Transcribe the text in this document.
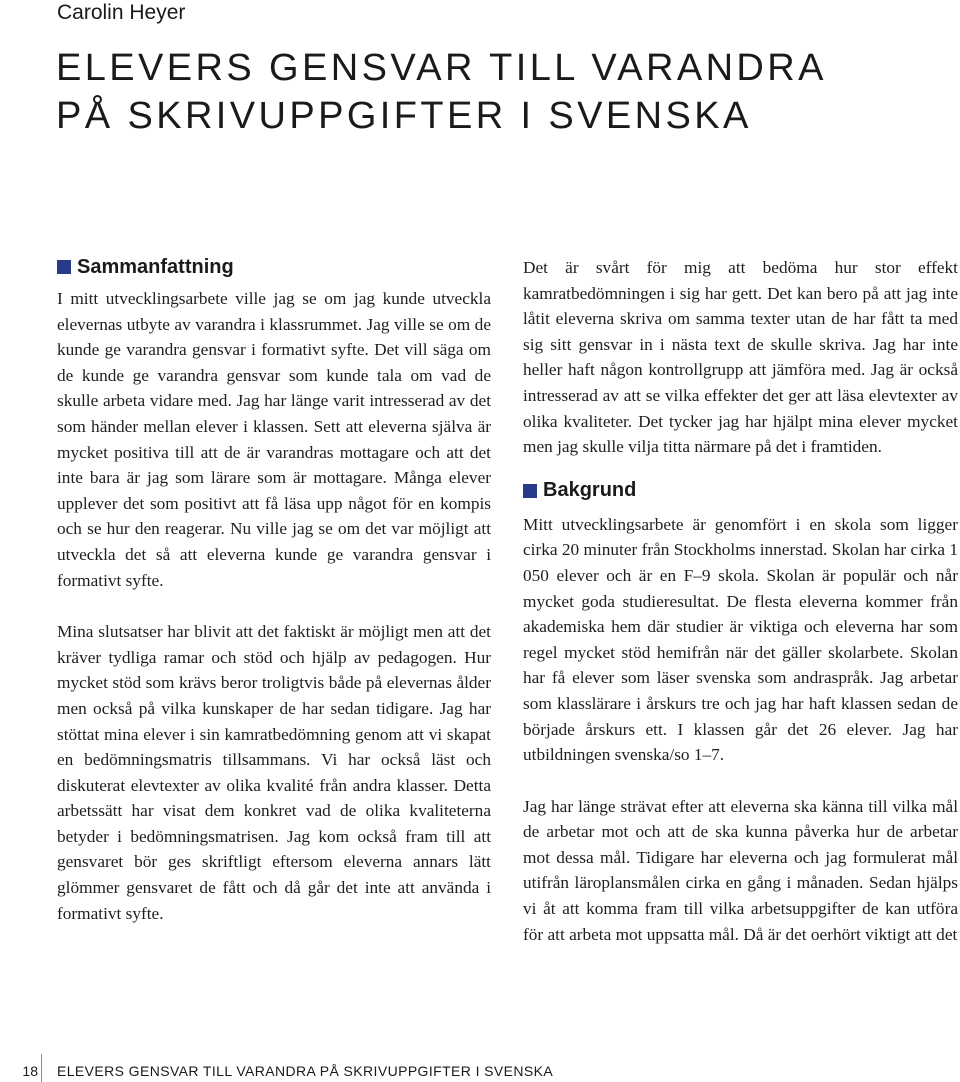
Carolin Heyer
ELEVERS GENSVAR TILL VARANDRA
PÅ SKRIVUPPGIFTER I SVENSKA
Sammanfattning

I mitt utvecklingsarbete ville jag se om jag kunde utveckla elevernas utbyte av varandra i klassrummet. Jag ville se om de kunde ge varandra gensvar i formativt syfte. Det vill säga om de kunde ge varandra gensvar som kunde tala om vad de skulle arbeta vidare med. Jag har länge varit intresserad av det som händer mellan elever i klassen. Sett att eleverna själva är mycket positiva till att de är varandras mottagare och att det inte bara är jag som lärare som är mottagare. Många elever upplever det som positivt att få läsa upp något för en kompis och se hur den reagerar. Nu ville jag se om det var möjligt att utveckla det så att eleverna kunde ge varandra gensvar i formativt syfte.

Mina slutsatser har blivit att det faktiskt är möjligt men att det kräver tydliga ramar och stöd och hjälp av pedagogen. Hur mycket stöd som krävs beror troligtvis både på elevernas ålder men också på vilka kunskaper de har sedan tidigare. Jag har stöttat mina elever i sin kamratbedömning genom att vi skapat en bedömningsmatris tillsammans. Vi har också läst och diskuterat elevtexter av olika kvalité från andra klasser. Detta arbetssätt har visat dem konkret vad de olika kvaliteterna betyder i bedömningsmatrisen. Jag kom också fram till att gensvaret bör ges skriftligt eftersom eleverna annars lätt glömmer gensvaret de fått och då går det inte att använda i formativt syfte.

Det är svårt för mig att bedöma hur stor effekt kamratbedömningen i sig har gett. Det kan bero på att jag inte låtit eleverna skriva om samma texter utan de har fått ta med sig sitt gensvar in i nästa text de skulle skriva. Jag har inte heller haft någon kontrollgrupp att jämföra med. Jag är också intresserad av att se vilka effekter det ger att läsa elevtexter av olika kvaliteter. Det tycker jag har hjälpt mina elever mycket men jag skulle vilja titta närmare på det i framtiden.

Bakgrund

Mitt utvecklingsarbete är genomfört i en skola som ligger cirka 20 minuter från Stockholms innerstad. Skolan har cirka 1 050 elever och är en F–9 skola. Skolan är populär och når mycket goda studieresultat. De flesta eleverna kommer från akademiska hem där studier är viktiga och eleverna har som regel mycket stöd hemifrån när det gäller skolarbete. Skolan har få elever som läser svenska som andraspråk. Jag arbetar som klasslärare i årskurs tre och jag har haft klassen sedan de började årskurs ett. I klassen går det 26 elever. Jag har utbildningen svenska/so 1–7.

Jag har länge strävat efter att eleverna ska känna till vilka mål de arbetar mot och att de ska kunna påverka hur de arbetar mot dessa mål. Tidigare har eleverna och jag formulerat mål utifrån läroplansmålen cirka en gång i månaden. Sedan hjälps vi åt att komma fram till vilka arbetsuppgifter de kan utföra för att arbeta mot uppsatta mål. Då är det oerhört viktigt att det

18 ELEVERS GENSVAR TILL VARANDRA PÅ SKRIVUPPGIFTER I SVENSKA
